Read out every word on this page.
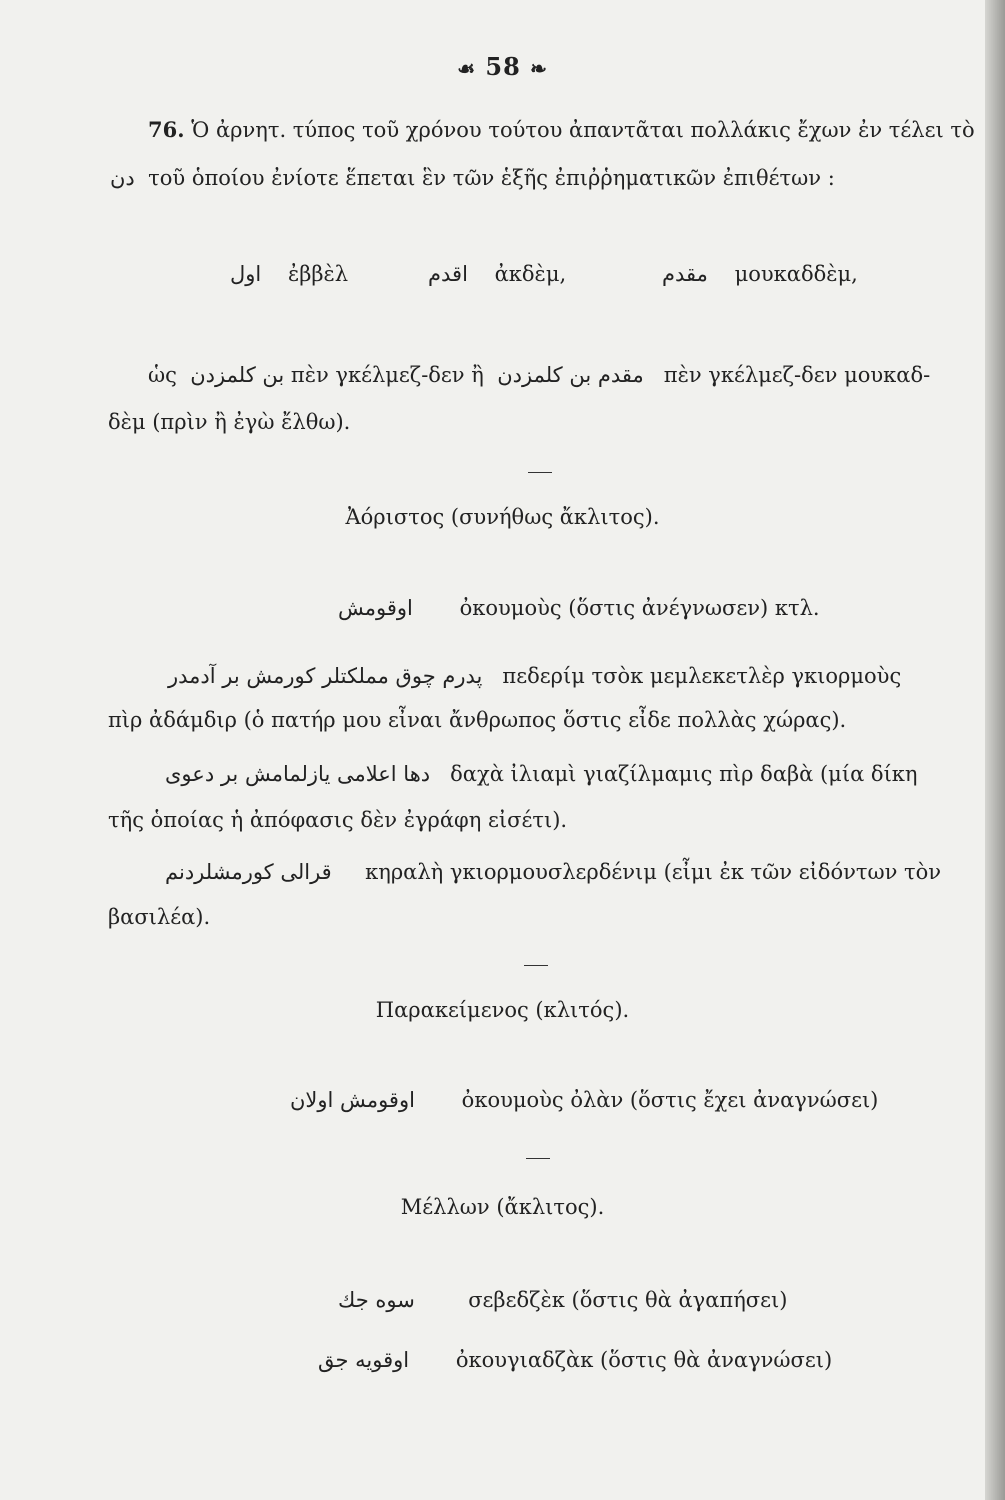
☙ 58 ❧
76. Ὁ ἀρνητ. τύπος τοῦ χρόνου τούτου ἀπαντᾶται πολλάκις ἔχων ἐν τέλει τὸ
دن τοῦ ὁποίου ἐνίοτε ἕπεται ἓν τῶν ἑξῆς ἐπιῤῥηματικῶν ἐπιθέτων :
اول ἐββὲλ	اقدم ἀκδὲμ,	مقدم μουκαδδὲμ,
ὡς بن كلمزدن πὲν γκέλμεζ-δεν ἢ مقدم بن كلمزدن πὲν γκέλμεζ-δεν μουκαδ-
δὲμ (πρὶν ἢ ἐγὼ ἔλθω).
Ἀόριστος (συνήθως ἄκλιτος).
اوقومش ὀκουμοὺς (ὅστις ἀνέγνωσεν) κτλ.
پدرم چوق مملكتلر كورمش بر آدمدر πεδερίμ τσὸκ μεμλεκετλὲρ γκιορμοὺς
πὶρ ἀδάμδιρ (ὁ πατήρ μου εἶναι ἄνθρωπος ὅστις εἶδε πολλὰς χώρας).
دها اعلامى يازلمامش بر دعوى δαχὰ ἰλιαμὶ γιαζίλμαμις πὶρ δαβὰ (μία δίκη
τῆς ὁποίας ἡ ἀπόφασις δὲν ἐγράφη εἰσέτι).
قرالى كورمشلردنم κηραλὴ γκιορμουσλερδένιμ (εἶμι ἐκ τῶν εἰδόντων τὸν
βασιλέα).
Παρακείμενος (κλιτός).
اوقومش اولان ὀκουμοὺς ὀλὰν (ὅστις ἔχει ἀναγνώσει)
Μέλλων (ἄκλιτος).
سوه جك	σεβεδζὲκ (ὅστις θὰ ἀγαπήσει)
اوقويه جق ὀκουγιαδζὰκ (ὅστις θὰ ἀναγνώσει)
